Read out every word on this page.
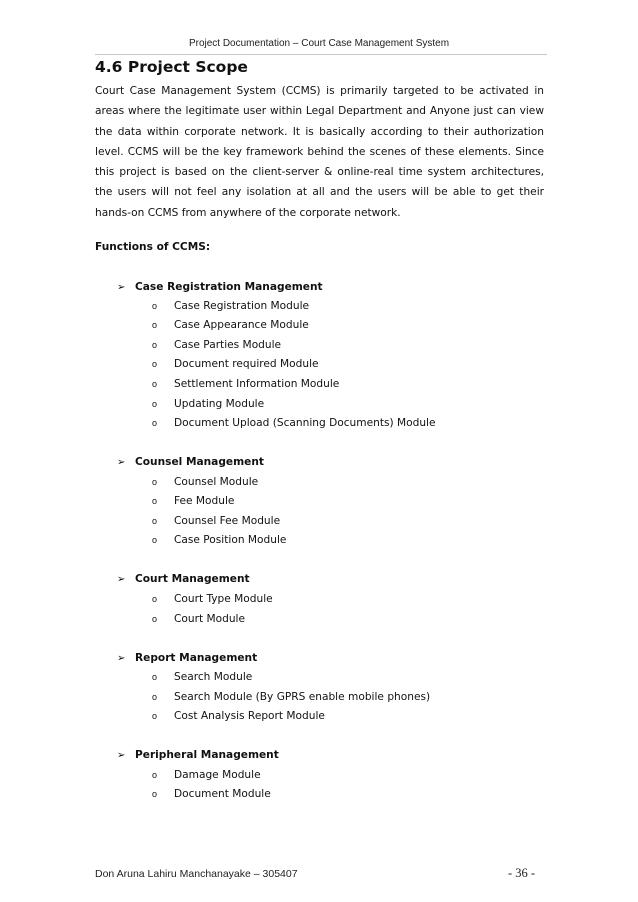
Project Documentation – Court Case Management System
4.6 Project Scope

Court Case Management System (CCMS) is primarily targeted to be activated in areas where the legitimate user within Legal Department and Anyone just can view the data within corporate network. It is basically according to their authorization level. CCMS will be the key framework behind the scenes of these elements. Since this project is based on the client-server & online-real time system architectures, the users will not feel any isolation at all and the users will be able to get their hands-on CCMS from anywhere of the corporate network.

Functions of CCMS:

➢ Case Registration Management
o Case Registration Module
o Case Appearance Module
o Case Parties Module
o Document required Module
o Settlement Information Module
o Updating Module
o Document Upload (Scanning Documents) Module
➢ Counsel Management
o Counsel Module
o Fee Module
o Counsel Fee Module
o Case Position Module
➢ Court Management
o Court Type Module
o Court Module
➢ Report Management
o Search Module
o Search Module (By GPRS enable mobile phones)
o Cost Analysis Report Module
➢ Peripheral Management
o Damage Module
o Document Module
Don Aruna Lahiru Manchanayake – 305407	- 36 -
